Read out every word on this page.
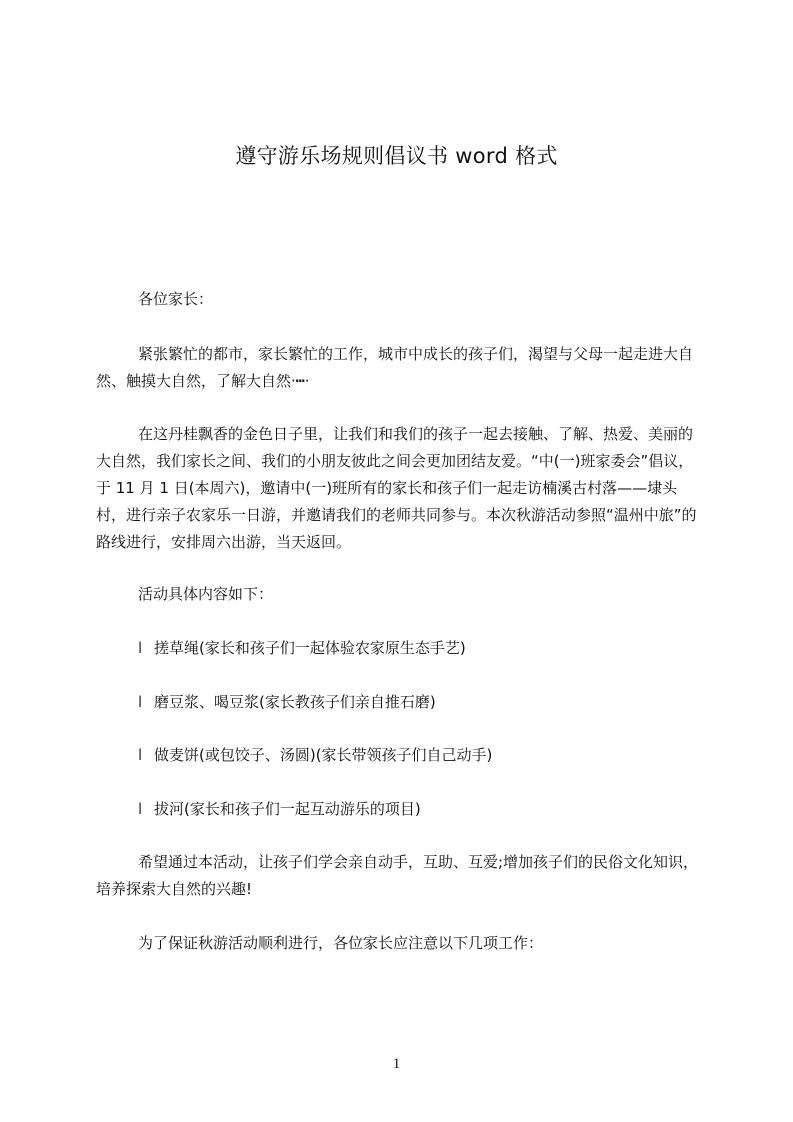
遵守游乐场规则倡议书 word 格式

各位家长：

紧张繁忙的都市，家长繁忙的工作，城市中成长的孩子们，渴望与父母一起走进大自然、触摸大自然，了解大自然·┅·

在这丹桂飘香的金色日子里，让我们和我们的孩子一起去接触、了解、热爱、美丽的大自然，我们家长之间、我们的小朋友彼此之间会更加团结友爱。“中(一)班家委会”倡议，于 11 月 1 日(本周六)，邀请中(一)班所有的家长和孩子们一起走访楠溪古村落——埭头村，进行亲子农家乐一日游，并邀请我们的老师共同参与。本次秋游活动参照“温州中旅”的路线进行，安排周六出游，当天返回。

活动具体内容如下：

l 搓草绳(家长和孩子们一起体验农家原生态手艺)
l 磨豆浆、喝豆浆(家长教孩子们亲自推石磨)
l 做麦饼(或包饺子、汤圆)(家长带领孩子们自己动手)
l 拔河(家长和孩子们一起互动游乐的项目)

希望通过本活动，让孩子们学会亲自动手，互助、互爱;增加孩子们的民俗文化知识，培养探索大自然的兴趣!

为了保证秋游活动顺利进行，各位家长应注意以下几项工作：

1
